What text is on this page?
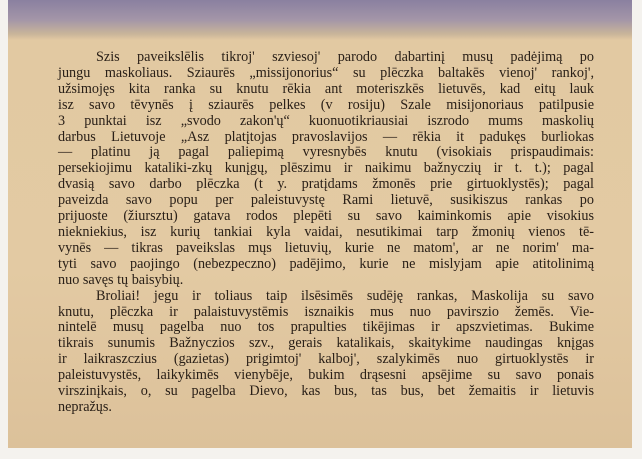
Szis paveikslēlis tikroj' szviesoj' parodo dabartinį musų padėjimą po
jungu maskoliaus. Sziaurēs „missijonorius“ su plēczka baltakēs vienoj' rankoj',
užsimojęs kita ranka su knutu rēkia ant moteriszkēs lietuvēs, kad eitų lauk
isz savo tēvynēs į sziaurēs pelkes (v rosiju) Szale misijonoriaus patilpusie
3 punktai isz „svodo zakon'ų“ kuonuotikriausiai iszrodo mums maskolių
darbus Lietuvoje „Asz platįtojas pravoslavijos — rēkia it padukęs burliokas
— platinu ją pagal paliepimą vyresnybēs knutu (visokiais prispaudimais:
persekiojimu kataliki-zkų kunįgų, plēszimu ir naikimu bažnyczių ir t. t.); pagal
dvasią savo darbo plēczka (t y. pratįdams žmonēs prie girtuoklystēs); pagal
paveizda savo popu per paleistuvystę Rami lietuvē, susikiszus rankas po
prijuoste (žiursztu) gatava rodos plepēti su savo kaiminkomis apie visokius
niekniekius, isz kurių tankiai kyla vaidai, nesutikimai tarp žmonių vienos tē-
vynēs — tikras paveikslas mųs lietuvių, kurie ne matom', ar ne norim' ma-
tyti savo paojingo (nebezpeczno) padējimo, kurie ne mislyjam apie atitolinimą
nuo savęs tų baisybių.
Broliai! jegu ir toliaus taip ilsēsimēs sudēję rankas, Maskolija su savo
knutu, plēczka ir palaistuvystēmis isznaikis mus nuo pavirszio žemēs. Vie-
nintelē musų pagelba nuo tos prapulties tikējimas ir apszvietimas. Bukime
tikrais sunumis Bažnyczios szv., gerais katalikais, skaitykime naudingas knįgas
ir laikraszczius (gazietas) prigimtoj' kalboj', szalykimēs nuo girtuoklystēs ir
paleistuvystēs, laikykimēs vienybēje, bukim drąsesni apsējime su savo ponais
virszinįkais, o, su pagelba Dievo, kas bus, tas bus, bet žemaitis ir lietuvis
nepražųs.
